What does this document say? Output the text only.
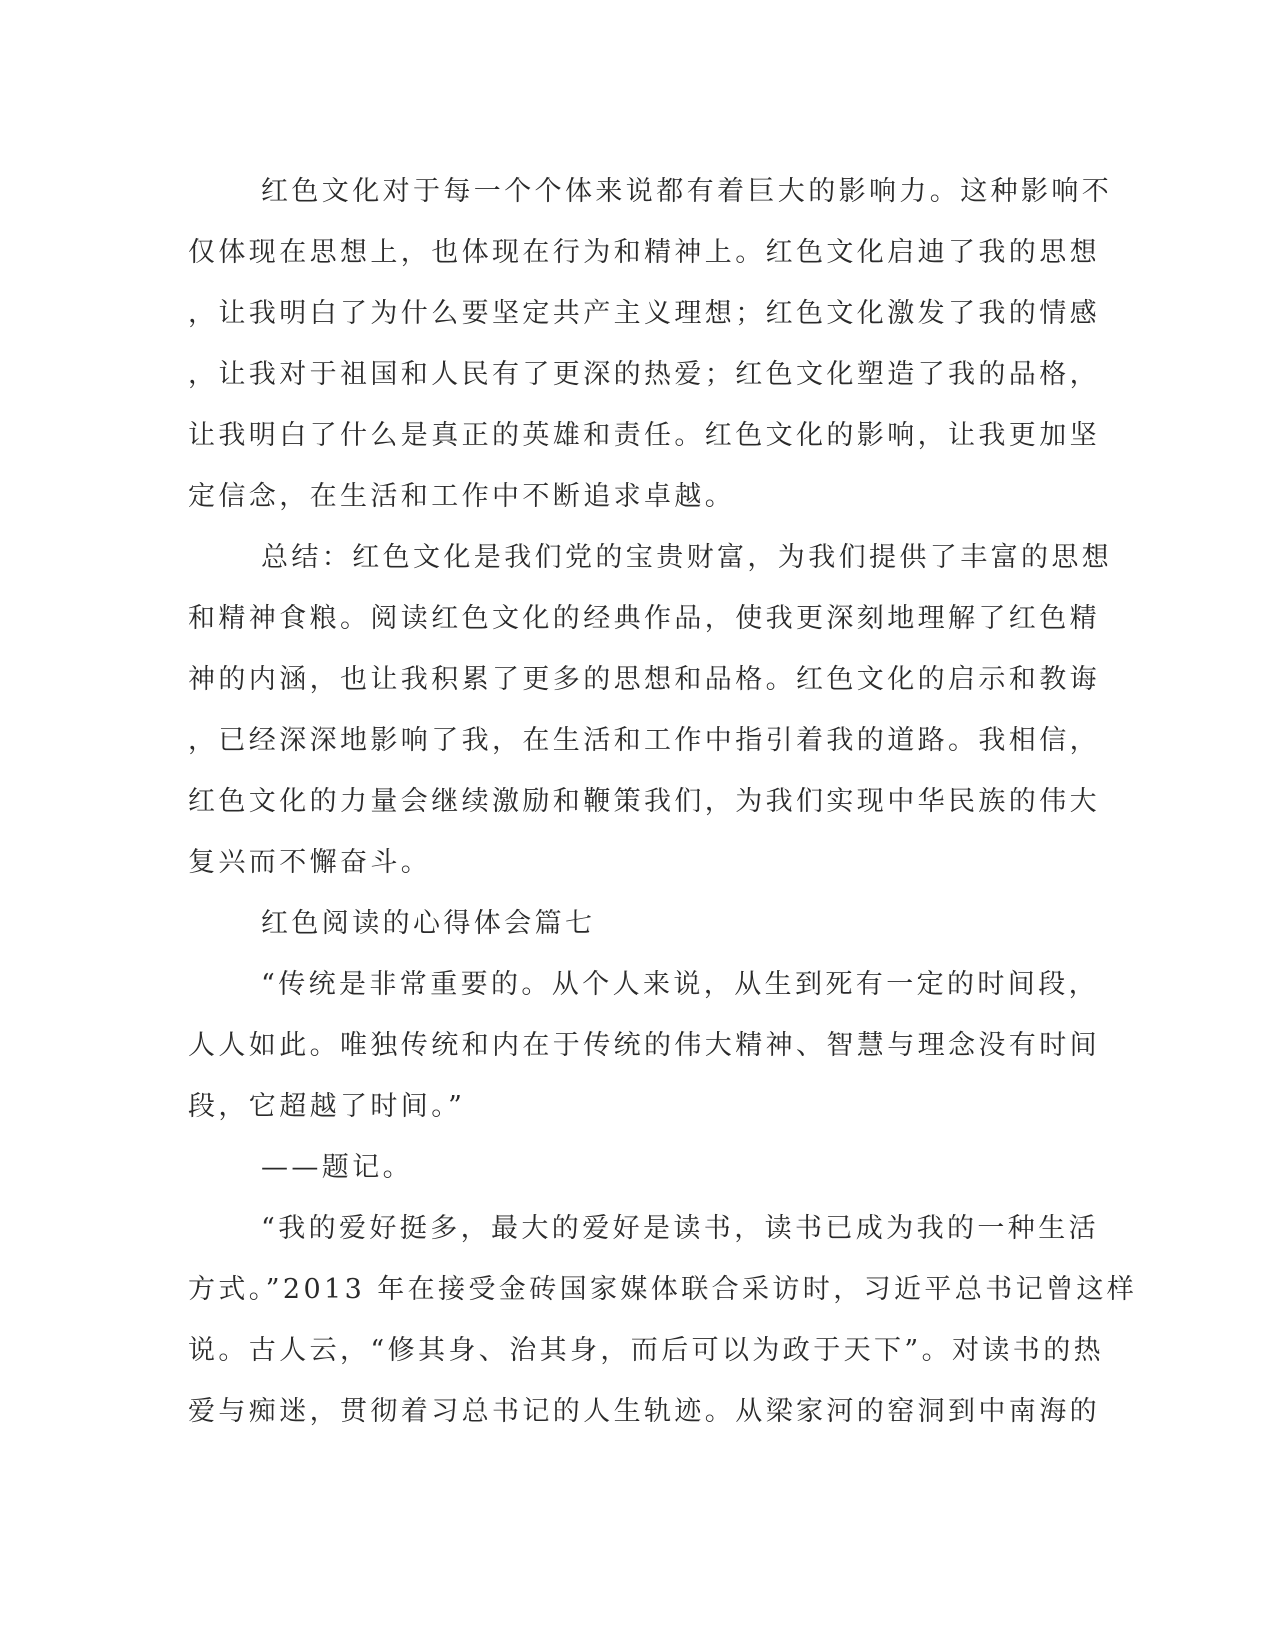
红色文化对于每一个个体来说都有着巨大的影响力。这种影响不
仅体现在思想上，也体现在行为和精神上。红色文化启迪了我的思想
，让我明白了为什么要坚定共产主义理想；红色文化激发了我的情感
，让我对于祖国和人民有了更深的热爱；红色文化塑造了我的品格，
让我明白了什么是真正的英雄和责任。红色文化的影响，让我更加坚
定信念，在生活和工作中不断追求卓越。
总结：红色文化是我们党的宝贵财富，为我们提供了丰富的思想
和精神食粮。阅读红色文化的经典作品，使我更深刻地理解了红色精
神的内涵，也让我积累了更多的思想和品格。红色文化的启示和教诲
，已经深深地影响了我，在生活和工作中指引着我的道路。我相信，
红色文化的力量会继续激励和鞭策我们，为我们实现中华民族的伟大
复兴而不懈奋斗。
红色阅读的心得体会篇七
“传统是非常重要的。从个人来说，从生到死有一定的时间段，
人人如此。唯独传统和内在于传统的伟大精神、智慧与理念没有时间
段，它超越了时间。”
——题记。
“我的爱好挺多，最大的爱好是读书，读书已成为我的一种生活
方式。”2013 年在接受金砖国家媒体联合采访时，习近平总书记曾这样
说。古人云，“修其身、治其身，而后可以为政于天下”。对读书的热
爱与痴迷，贯彻着习总书记的人生轨迹。从梁家河的窑洞到中南海的
